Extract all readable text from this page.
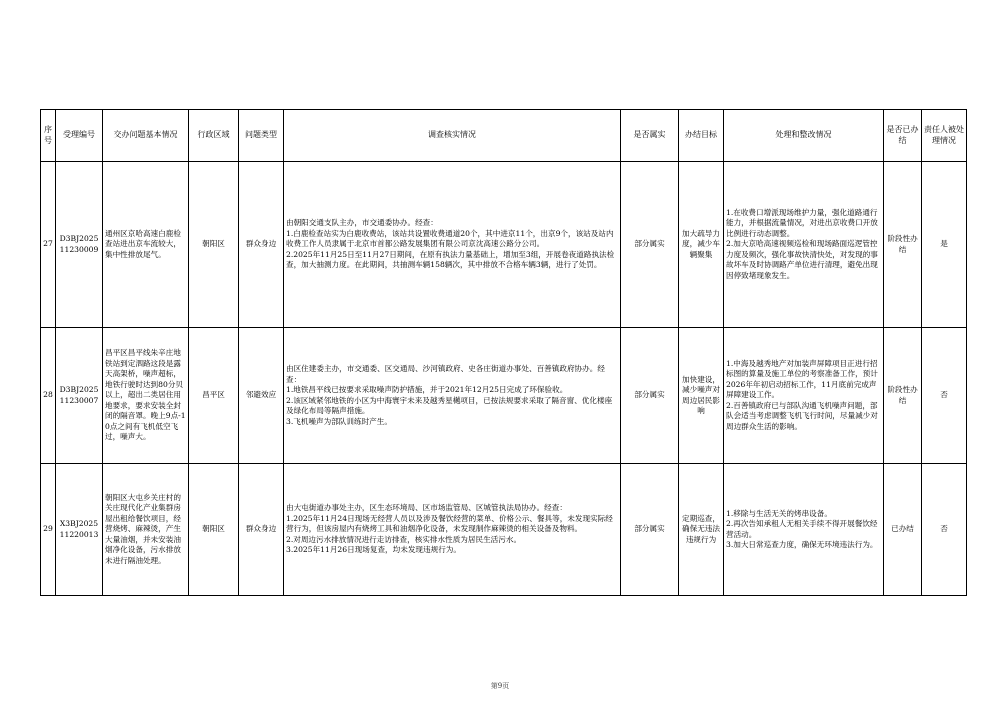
序号	受理编号	交办问题基本情况	行政区域	问题类型	调查核实情况	是否属实	办结目标	处理和整改情况	是否已办结	责任人被处理情况
27	D3BJ202511230009	通州区京哈高速白鹿检查站进出京车流较大，集中性排放尾气。	朝阳区	群众身边	由朝阳交通支队主办，市交通委协办。经查：
1.白鹿检查站实为白鹿收费站，该站共设置收费通道20个，其中进京11个，出京9个，该站及站内收费工作人员隶属于北京市首都公路发展集团有限公司京沈高速公路分公司。
2.2025年11月25日至11月27日期间，在原有执法力量基础上，增加至3组，开展卷夜道路执法检查，加大抽测力度。在此期间，共抽测车辆158辆次，其中排放不合格车辆3辆，进行了处罚。	部分属实	加大疏导力度，减少车辆聚集	1.在收费口增派现场维护力量，强化道路通行能力，并根据流量情况，对进出京收费口开放比例进行动态调整。
2.加大京哈高速视频巡检和现场路面巡逻管控力度及频次，强化事故快清快处，对发现的事故坏车及时协调路产单位进行清理，避免出现因停致堵现象发生。	阶段性办结	是
28	D3BJ202511230007	昌平区昌平线朱辛庄地铁站到定泗路这段是露天高架桥，噪声超标，地铁行驶时达到80分贝以上，超出二类居住用地要求，要求安装全封闭的隔音罩。晚上9点-10点之间有飞机低空飞过，噪声大。	昌平区	邻避效应	由区住建委主办，市交通委、区交通局、沙河镇政府、史各庄街道办事处、百善镇政府协办。经查：
1.地铁昌平线已按要求采取噪声防护措施，并于2021年12月25日完成了环保验收。
2.该区域紧邻地铁的小区为中海寰宇未来及越秀星樾项目，已按法规要求采取了隔音窗、优化楼座及绿化布局等隔声措施。
3.飞机噪声为部队训练时产生。	部分属实	加快建设，减少噪声对周边居民影响	1.中海及越秀地产对加装声屏障项目正进行招标图的算量及施工单位的考察准备工作，预计2026年年初启动招标工作，11月底前完成声屏障建设工作。
2.百善镇政府已与部队沟通飞机噪声问题，部队会适当考虑调整飞机飞行时间，尽量减少对周边群众生活的影响。	阶段性办结	否
29	X3BJ202511220013	朝阳区大屯乡关庄村的关庄现代化产业集群房屋出租给餐饮项目，经营烧烤、麻辣烫，产生大量油烟，并未安装油烟净化设备，污水排放未进行隔油处理。	朝阳区	群众身边	由大屯街道办事处主办，区生态环境局、区市场监管局、区城管执法局协办。经查：
1.2025年11月24日现场无经营人员以及涉及餐饮经营的菜单、价格公示、餐具等，未发现实际经营行为，但该房屋内有烧烤工具和油烟净化设备，未发现制作麻辣烫的相关设备及物料。
2.对周边污水排放情况进行走访排查，核实排水性质为居民生活污水。
3.2025年11月26日现场复查，均未发现违规行为。	部分属实	定期巡查，确保无违法违规行为	1.移除与生活无关的烤串设备。
2.再次告知承租人无相关手续不得开展餐饮经营活动。
3.加大日常巡查力度，确保无环境违法行为。	已办结	否
第9页
